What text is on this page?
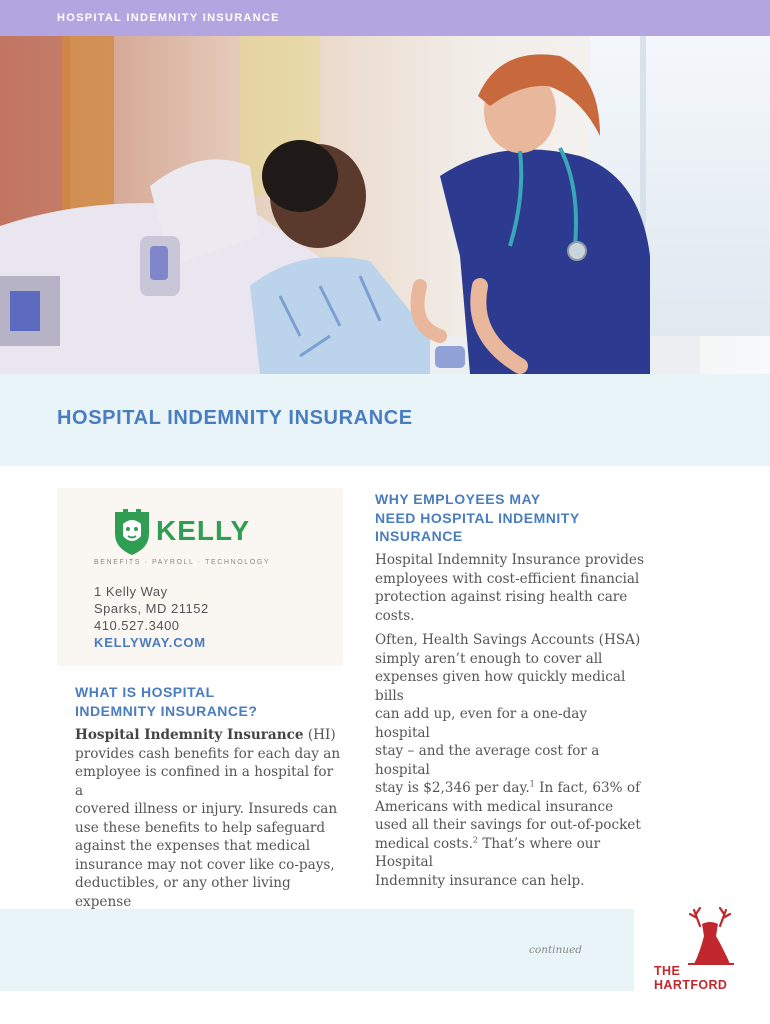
HOSPITAL INDEMNITY INSURANCE
HOSPITAL INDEMNITY INSURANCE
KELLY
BENEFITS · PAYROLL · TECHNOLOGY
1 Kelly Way
Sparks, MD 21152
410.527.3400
KELLYWAY.COM
WHAT IS HOSPITAL
INDEMNITY INSURANCE?
Hospital Indemnity Insurance (HI)
provides cash benefits for each day an
employee is confined in a hospital for a
covered illness or injury. Insureds can
use these benefits to help safeguard
against the expenses that medical
insurance may not cover like co-pays,
deductibles, or any other living expense
WHY EMPLOYEES MAY
NEED HOSPITAL INDEMNITY
INSURANCE

Hospital Indemnity Insurance provides
employees with cost-efficient financial
protection against rising health care costs.

Often, Health Savings Accounts (HSA)
simply aren’t enough to cover all
expenses given how quickly medical bills
can add up, even for a one-day hospital
stay – and the average cost for a hospital
stay is $2,346 per day.$^1$ In fact, 63% of
Americans with medical insurance
used all their savings for out-of-pocket
medical costs.$^2$ That’s where our Hospital
Indemnity insurance can help.

continued
THE
HARTFORD
